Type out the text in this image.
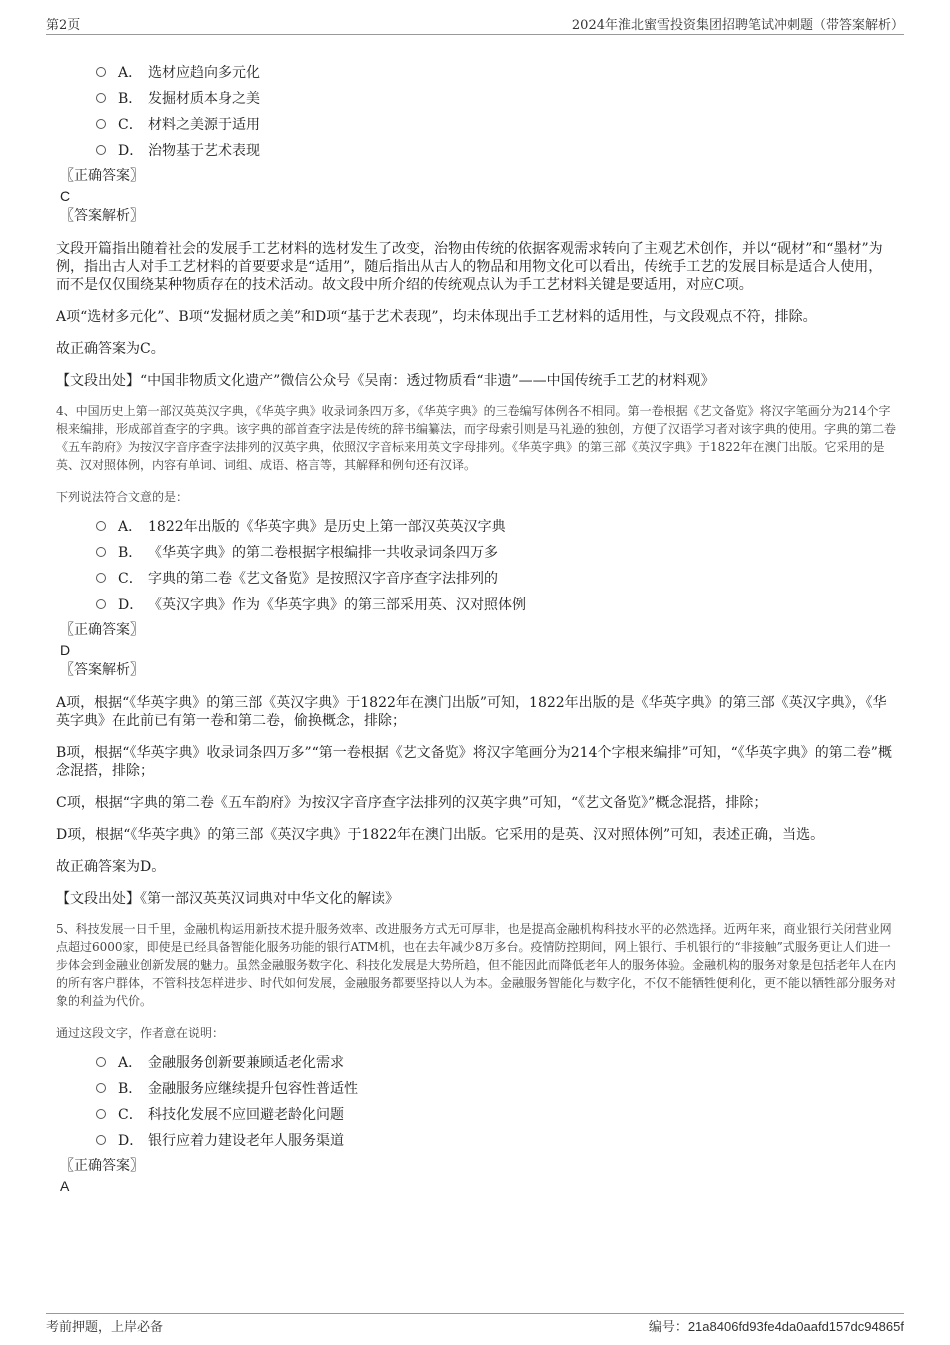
第2页	2024年淮北蜜雪投资集团招聘笔试冲刺题（带答案解析）
A． 选材应趋向多元化
B． 发掘材质本身之美
C． 材料之美源于适用
D． 治物基于艺术表现
〖正确答案〗
C
〖答案解析〗

文段开篇指出随着社会的发展手工艺材料的选材发生了改变，治物由传统的依据客观需求转向了主观艺术创作，并以“砚材”和“墨材”为例，指出古人对手工艺材料的首要要求是“适用”，随后指出从古人的物品和用物文化可以看出，传统手工艺的发展目标是适合人使用，而不是仅仅围绕某种物质存在的技术活动。故文段中所介绍的传统观点认为手工艺材料关键是要适用，对应C项。

A项“选材多元化”、B项“发掘材质之美”和D项“基于艺术表现”，均未体现出手工艺材料的适用性，与文段观点不符，排除。

故正确答案为C。

【文段出处】“中国非物质文化遗产”微信公众号《吴南：透过物质看“非遗”——中国传统手工艺的材料观》

4、中国历史上第一部汉英英汉字典，《华英字典》收录词条四万多，《华英字典》的三卷编写体例各不相同。第一卷根据《艺文备览》将汉字笔画分为214个字根来编排，形成部首查字的字典。该字典的部首查字法是传统的辞书编纂法，而字母索引则是马礼逊的独创，方便了汉语学习者对该字典的使用。字典的第二卷《五车韵府》为按汉字音序查字法排列的汉英字典，依照汉字音标来用英文字母排列。《华英字典》的第三部《英汉字典》于1822年在澳门出版。它采用的是英、汉对照体例，内容有单词、词组、成语、格言等，其解释和例句还有汉译。

下列说法符合文意的是：

A． 1822年出版的《华英字典》是历史上第一部汉英英汉字典
B． 《华英字典》的第二卷根据字根编排一共收录词条四万多
C． 字典的第二卷《艺文备览》是按照汉字音序查字法排列的
D． 《英汉字典》作为《华英字典》的第三部采用英、汉对照体例
〖正确答案〗
D
〖答案解析〗

A项，根据“《华英字典》的第三部《英汉字典》于1822年在澳门出版”可知，1822年出版的是《华英字典》的第三部《英汉字典》，《华英字典》在此前已有第一卷和第二卷，偷换概念，排除；

B项，根据“《华英字典》收录词条四万多”“第一卷根据《艺文备览》将汉字笔画分为214个字根来编排”可知，“《华英字典》的第二卷”概念混搭，排除；

C项，根据“字典的第二卷《五车韵府》为按汉字音序查字法排列的汉英字典”可知，“《艺文备览》”概念混搭，排除；

D项，根据“《华英字典》的第三部《英汉字典》于1822年在澳门出版。它采用的是英、汉对照体例”可知，表述正确，当选。

故正确答案为D。

【文段出处】《第一部汉英英汉词典对中华文化的解读》

5、科技发展一日千里，金融机构运用新技术提升服务效率、改进服务方式无可厚非，也是提高金融机构科技水平的必然选择。近两年来，商业银行关闭营业网点超过6000家，即使是已经具备智能化服务功能的银行ATM机，也在去年减少8万多台。疫情防控期间，网上银行、手机银行的“非接触”式服务更让人们进一步体会到金融业创新发展的魅力。虽然金融服务数字化、科技化发展是大势所趋，但不能因此而降低老年人的服务体验。金融机构的服务对象是包括老年人在内的所有客户群体，不管科技怎样进步、时代如何发展，金融服务都要坚持以人为本。金融服务智能化与数字化，不仅不能牺牲便利化，更不能以牺牲部分服务对象的利益为代价。

通过这段文字，作者意在说明：

A． 金融服务创新要兼顾适老化需求
B． 金融服务应继续提升包容性普适性
C． 科技化发展不应回避老龄化问题
D． 银行应着力建设老年人服务渠道
〖正确答案〗
A
考前押题，上岸必备	编号：21a8406fd93fe4da0aafd157dc94865f
